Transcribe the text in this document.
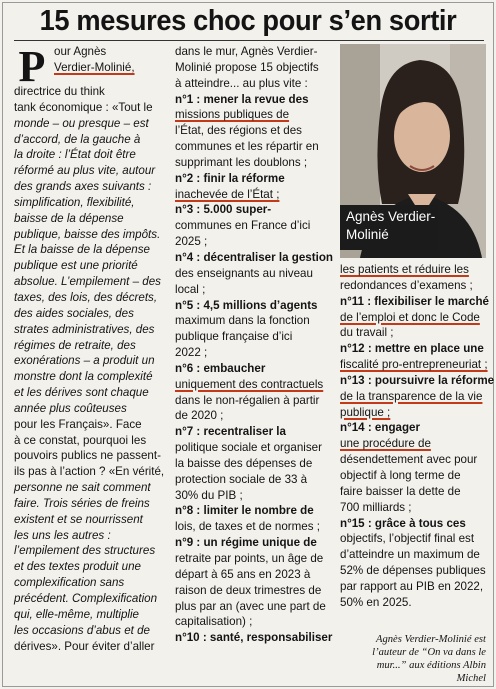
15 mesures choc pour s’en sortir
P our Agnès
Verdier-Molinié,
directrice du think
tank économique : «Tout le
monde – ou presque – est
d’accord, de la gauche à
la droite : l’État doit être
réformé au plus vite, autour
des grands axes suivants :
simplification, flexibilité,
baisse de la dépense
publique, baisse des impôts.
Et la baisse de la dépense
publique est une priorité
absolue. L’empilement – des
taxes, des lois, des décrets,
des aides sociales, des
strates administratives, des
régimes de retraite, des
exonérations – a produit un
monstre dont la complexité
et les dérives sont chaque
année plus coûteuses
pour les Français». Face
à ce constat, pourquoi les
pouvoirs publics ne passent-
ils pas à l’action ? «En vérité,
personne ne sait comment
faire. Trois séries de freins
existent et se nourrissent
les uns les autres :
l’empilement des structures
et des textes produit une
complexification sans
précédent. Complexification
qui, elle-même, multiplie
les occasions d’abus et de
dérives». Pour éviter d’aller
dans le mur, Agnès Verdier-
Molinié propose 15 objectifs
à atteindre... au plus vite :
n°1 : mener la revue des
missions publiques de
l’État, des régions et des
communes et les répartir en
supprimant les doublons ;
n°2 : finir la réforme
inachevée de l’État ;
n°3 : 5.000 super-
communes en France d’ici
2025 ;
n°4 : décentraliser la gestion
des enseignants au niveau
local ;
n°5 : 4,5 millions d’agents
maximum dans la fonction
publique française d’ici
2022 ;
n°6 : embaucher
uniquement des contractuels
dans le non-régalien à partir
de 2020 ;
n°7 : recentraliser la
politique sociale et organiser
la baisse des dépenses de
protection sociale de 33 à
30% du PIB ;
n°8 : limiter le nombre de
lois, de taxes et de normes ;
n°9 : un régime unique de
retraite par points, un âge de
départ à 65 ans en 2023 à
raison de deux trimestres de
plus par an (avec une part de
capitalisation) ;
n°10 : santé, responsabiliser
Agnès Verdier-
Molinié
les patients et réduire les
redondances d’examens ;
n°11 : flexibiliser le marché
de l’emploi et donc le Code
du travail ;
n°12 : mettre en place une
fiscalité pro-entrepreneuriat ;
n°13 : poursuivre la réforme
de la transparence de la vie
publique ;
n°14 : engager
une procédure de
désendettement avec pour
objectif à long terme de
faire baisser la dette de
700 milliards ;
n°15 : grâce à tous ces
objectifs, l’objectif final est
d’atteindre un maximum de
52% de dépenses publiques
par rapport au PIB en 2022,
50% en 2025.
Agnès Verdier-Molinié est
l’auteur de “On va dans le
mur...” aux éditions Albin
Michel
